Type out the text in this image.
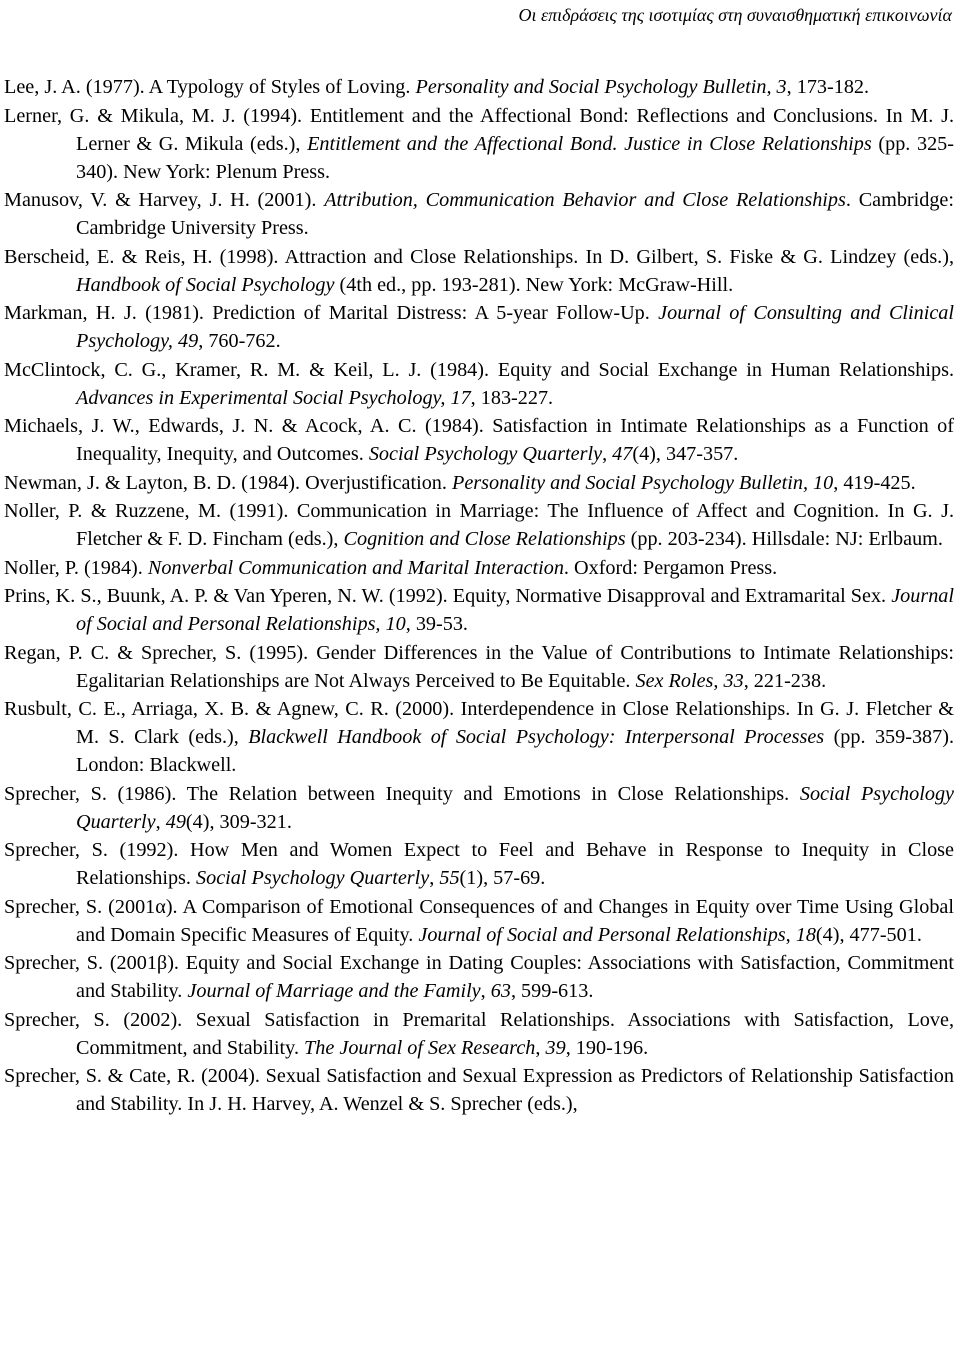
Οι επιδράσεις της ισοτιμίας στη συναισθηματική επικοινωνία
Lee, J. A. (1977). A Typology of Styles of Loving. Personality and Social Psychology Bulletin, 3, 173-182.
Lerner, G. & Mikula, M. J. (1994). Entitlement and the Affectional Bond: Reflections and Conclusions. In M. J. Lerner & G. Mikula (eds.), Entitlement and the Affectional Bond. Justice in Close Relationships (pp. 325-340). New York: Plenum Press.
Manusov, V. & Harvey, J. H. (2001). Attribution, Communication Behavior and Close Relationships. Cambridge: Cambridge University Press.
Berscheid, E. & Reis, H. (1998). Attraction and Close Relationships. In D. Gilbert, S. Fiske & G. Lindzey (eds.), Handbook of Social Psychology (4th ed., pp. 193-281). New York: McGraw-Hill.
Markman, H. J. (1981). Prediction of Marital Distress: A 5-year Follow-Up. Journal of Consulting and Clinical Psychology, 49, 760-762.
McClintock, C. G., Kramer, R. M. & Keil, L. J. (1984). Equity and Social Exchange in Human Relationships. Advances in Experimental Social Psychology, 17, 183-227.
Michaels, J. W., Edwards, J. N. & Acock, A. C. (1984). Satisfaction in Intimate Relationships as a Function of Inequality, Inequity, and Outcomes. Social Psychology Quarterly, 47(4), 347-357.
Newman, J. & Layton, B. D. (1984). Overjustification. Personality and Social Psychology Bulletin, 10, 419-425.
Noller, P. & Ruzzene, M. (1991). Communication in Marriage: The Influence of Affect and Cognition. In G. J. Fletcher & F. D. Fincham (eds.), Cognition and Close Relationships (pp. 203-234). Hillsdale: NJ: Erlbaum.
Noller, P. (1984). Nonverbal Communication and Marital Interaction. Oxford: Pergamon Press.
Prins, K. S., Buunk, A. P. & Van Yperen, N. W. (1992). Equity, Normative Disapproval and Extramarital Sex. Journal of Social and Personal Relationships, 10, 39-53.
Regan, P. C. & Sprecher, S. (1995). Gender Differences in the Value of Contributions to Intimate Relationships: Egalitarian Relationships are Not Always Perceived to Be Equitable. Sex Roles, 33, 221-238.
Rusbult, C. E., Arriaga, X. B. & Agnew, C. R. (2000). Interdependence in Close Relationships. In G. J. Fletcher & M. S. Clark (eds.), Blackwell Handbook of Social Psychology: Interpersonal Processes (pp. 359-387). London: Blackwell.
Sprecher, S. (1986). The Relation between Inequity and Emotions in Close Relationships. Social Psychology Quarterly, 49(4), 309-321.
Sprecher, S. (1992). How Men and Women Expect to Feel and Behave in Response to Inequity in Close Relationships. Social Psychology Quarterly, 55(1), 57-69.
Sprecher, S. (2001α). A Comparison of Emotional Consequences of and Changes in Equity over Time Using Global and Domain Specific Measures of Equity. Journal of Social and Personal Relationships, 18(4), 477-501.
Sprecher, S. (2001β). Equity and Social Exchange in Dating Couples: Associations with Satisfaction, Commitment and Stability. Journal of Marriage and the Family, 63, 599-613.
Sprecher, S. (2002). Sexual Satisfaction in Premarital Relationships. Associations with Satisfaction, Love, Commitment, and Stability. The Journal of Sex Research, 39, 190-196.
Sprecher, S. & Cate, R. (2004). Sexual Satisfaction and Sexual Expression as Predictors of Relationship Satisfaction and Stability. In J. H. Harvey, A. Wenzel & S. Sprecher (eds.),
